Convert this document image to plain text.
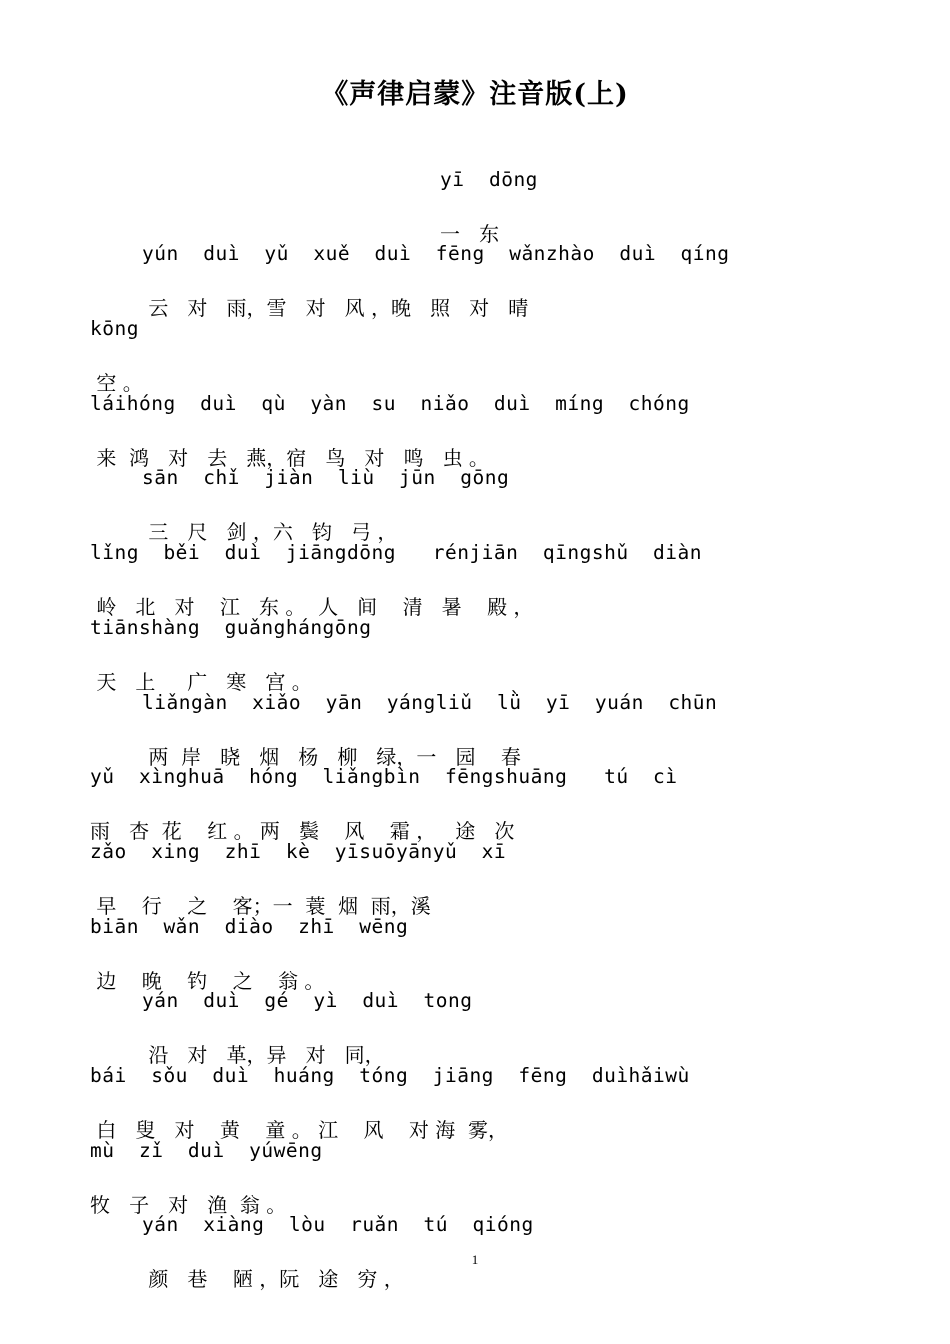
《声律启蒙》注音版(上)

yī  dōng

一   东

yún  duì  yǔ  xuě  duì  fēng  wǎnzhào  duì  qíng

云   对   雨，雪   对   风 ，晚   照   对   晴

kōng

空 。

láihóng  duì  qù  yàn  su  niǎo  duì  míng  chóng

来  鸿   对   去   燕，宿   鸟   对   鸣   虫 。

sān  chǐ  jiàn  liù  jūn  gōng

三   尺   剑 ，六   钧   弓 ，

lǐng  běi  duì  jiāngdōng   rénjiān  qīngshǔ  diàn

岭   北   对    江   东 。  人   间    清   暑    殿 ，

tiānshàng  guǎnghángōng

天   上     广   寒   宫 。

liǎngàn  xiǎo  yān  yángliǔ  lǜ  yī  yuán  chūn

两  岸   晓   烟   杨   柳   绿，一   园    春

yǔ  xìnghuā  hóng  liǎngbìn  fēngshuāng   tú  cì

雨   杏  花    红 。 两   鬓    风    霜 ，   途   次

zǎo  xing  zhī  kè  yīsuōyānyǔ  xī

早    行    之    客；一  蓑  烟  雨，溪

biān  wǎn  diào  zhī  wēng

边    晚    钓    之    翁 。

yán  duì  gé  yì  duì  tong

沿   对   革，异   对   同，

bái  sǒu  duì  huáng  tóng  jiāng  fēng  duìhǎiwù

白   叟   对    黄    童 。 江    风    对 海  雾，

mù  zǐ  duì  yúwēng

牧   子   对   渔  翁 。

yán  xiàng  lòu  ruǎn  tú  qióng

颜   巷    陋 ，阮   途   穷 ，

1
